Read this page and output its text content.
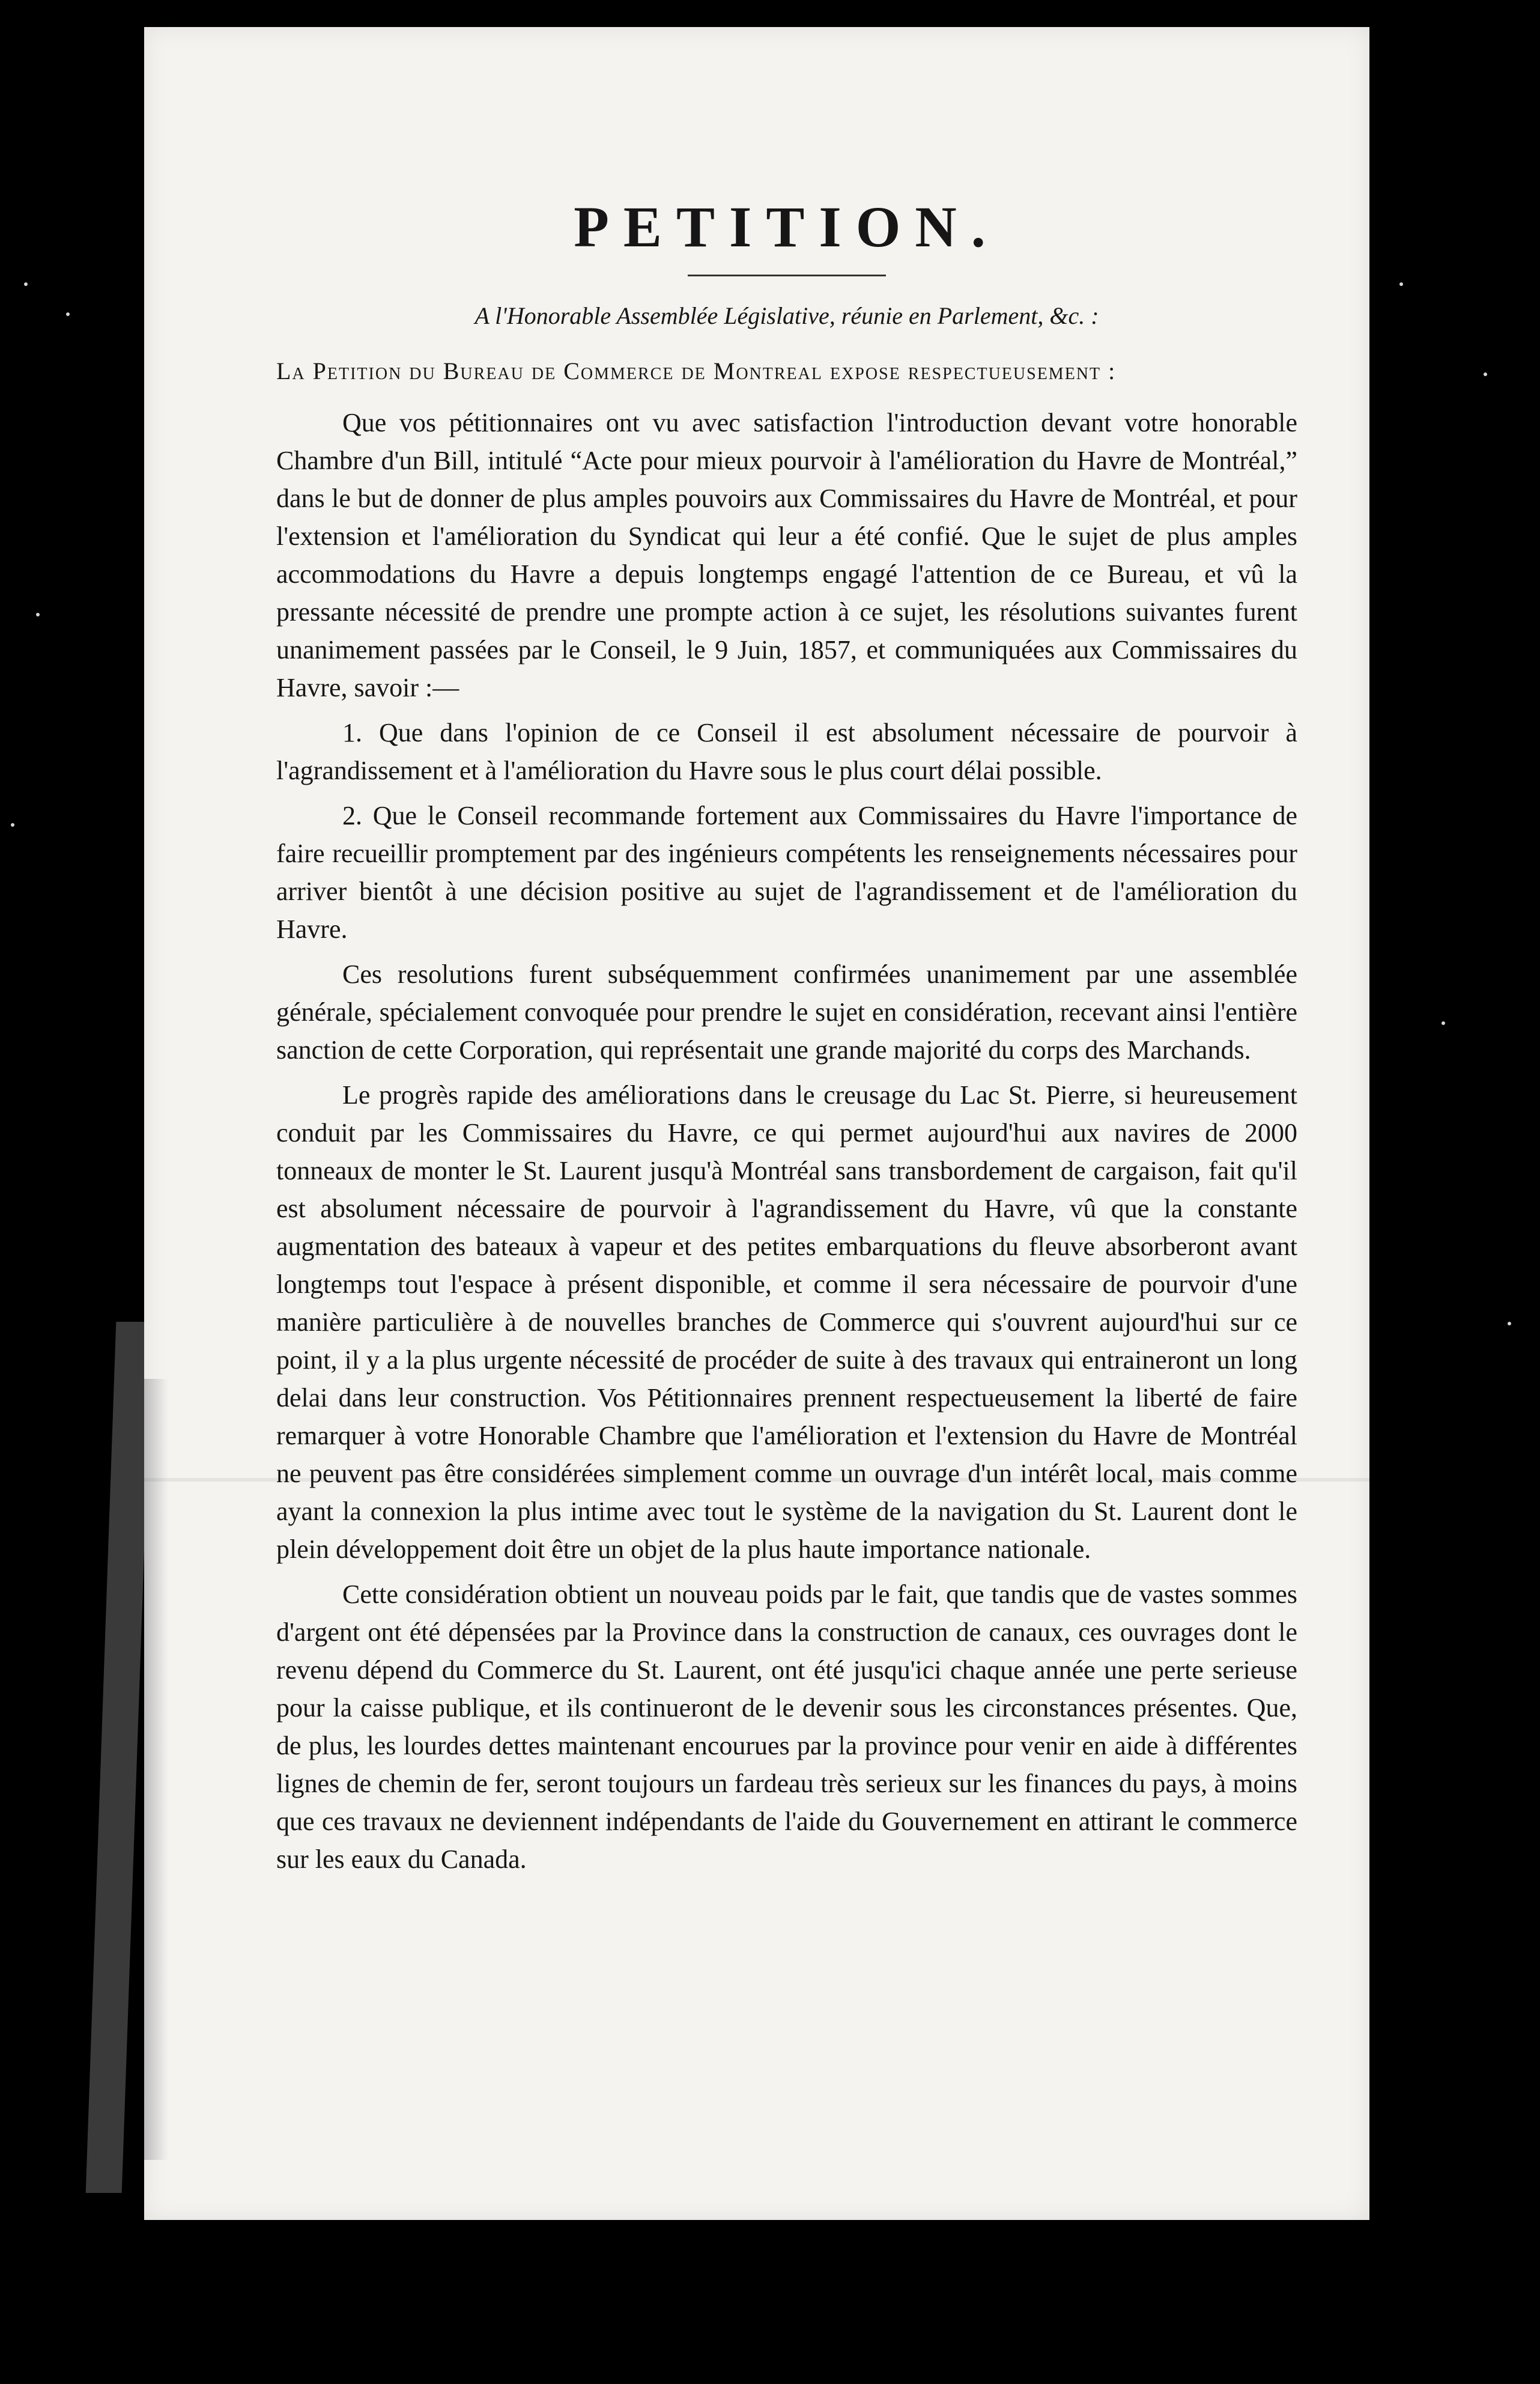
PETITION.

A l'Honorable Assemblée Législative, réunie en Parlement, &c. :

La Petition du Bureau de Commerce de Montreal expose respectueusement :

Que vos pétitionnaires ont vu avec satisfaction l'introduction devant votre honorable Chambre d'un Bill, intitulé “Acte pour mieux pourvoir à l'amélioration du Havre de Montréal,” dans le but de donner de plus amples pouvoirs aux Commissaires du Havre de Montréal, et pour l'extension et l'amélioration du Syndicat qui leur a été confié. Que le sujet de plus amples accommodations du Havre a depuis longtemps engagé l'attention de ce Bureau, et vû la pressante nécessité de prendre une prompte action à ce sujet, les résolutions suivantes furent unanimement passées par le Conseil, le 9 Juin, 1857, et communiquées aux Commissaires du Havre, savoir :—

1. Que dans l'opinion de ce Conseil il est absolument nécessaire de pourvoir à l'agrandissement et à l'amélioration du Havre sous le plus court délai possible.

2. Que le Conseil recommande fortement aux Commissaires du Havre l'importance de faire recueillir promptement par des ingénieurs compétents les renseignements nécessaires pour arriver bientôt à une décision positive au sujet de l'agrandissement et de l'amélioration du Havre.

Ces resolutions furent subséquemment confirmées unanimement par une assemblée générale, spécialement convoquée pour prendre le sujet en considération, recevant ainsi l'entière sanction de cette Corporation, qui représentait une grande majorité du corps des Marchands.

Le progrès rapide des améliorations dans le creusage du Lac St. Pierre, si heureusement conduit par les Commissaires du Havre, ce qui permet aujourd'hui aux navires de 2000 tonneaux de monter le St. Laurent jusqu'à Montréal sans transbordement de cargaison, fait qu'il est absolument nécessaire de pourvoir à l'agrandissement du Havre, vû que la constante augmentation des bateaux à vapeur et des petites embarquations du fleuve absorberont avant longtemps tout l'espace à présent disponible, et comme il sera nécessaire de pourvoir d'une manière particulière à de nouvelles branches de Commerce qui s'ouvrent aujourd'hui sur ce point, il y a la plus urgente nécessité de procéder de suite à des travaux qui entraineront un long delai dans leur construction. Vos Pétitionnaires prennent respectueusement la liberté de faire remarquer à votre Honorable Chambre que l'amélioration et l'extension du Havre de Montréal ne peuvent pas être considérées simplement comme un ouvrage d'un intérêt local, mais comme ayant la connexion la plus intime avec tout le système de la navigation du St. Laurent dont le plein développement doit être un objet de la plus haute importance nationale.

Cette considération obtient un nouveau poids par le fait, que tandis que de vastes sommes d'argent ont été dépensées par la Province dans la construction de canaux, ces ouvrages dont le revenu dépend du Commerce du St. Laurent, ont été jusqu'ici chaque année une perte serieuse pour la caisse publique, et ils continueront de le devenir sous les circonstances présentes. Que, de plus, les lourdes dettes maintenant encourues par la province pour venir en aide à différentes lignes de chemin de fer, seront toujours un fardeau très serieux sur les finances du pays, à moins que ces travaux ne deviennent indépendants de l'aide du Gouvernement en attirant le commerce sur les eaux du Canada.
